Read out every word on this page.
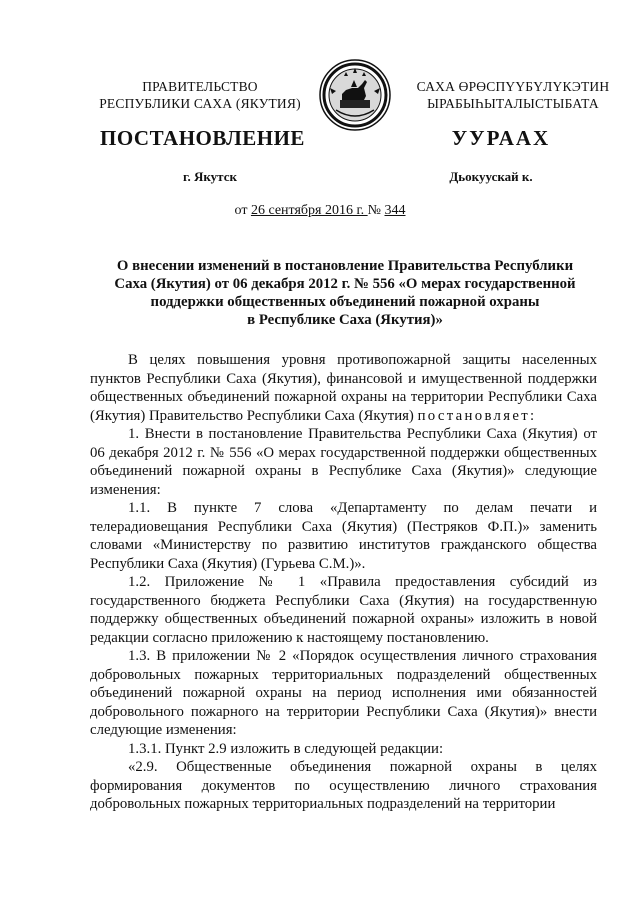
ПРАВИТЕЛЬСТВО
РЕСПУБЛИКИ САХА (ЯКУТИЯ)
САХА ӨРӨСПҮҮБҮЛҮКЭТИН
ЫРАБЫҺЫТАЛЫСТЫБАТА
ПОСТАНОВЛЕНИЕ	УУРААХ
г. Якутск	Дьокуускай к.
от 26 сентября 2016 г. № 344
О внесении изменений в постановление Правительства Республики
Саха (Якутия) от 06 декабря 2012 г. № 556 «О мерах государственной
поддержки общественных объединений пожарной охраны
в Республике Саха (Якутия)»

В целях повышения уровня противопожарной защиты населенных пунктов Республики Саха (Якутия), финансовой и имущественной поддержки общественных объединений пожарной охраны на территории Республики Саха (Якутия) Правительство Республики Саха (Якутия) постановляет:

1. Внести в постановление Правительства Республики Саха (Якутия) от 06 декабря 2012 г. № 556 «О мерах государственной поддержки общественных объединений пожарной охраны в Республике Саха (Якутия)» следующие изменения:

1.1. В пункте 7 слова «Департаменту по делам печати и телерадиовещания Республики Саха (Якутия) (Пестряков Ф.П.)» заменить словами «Министерству по развитию институтов гражданского общества Республики Саха (Якутия) (Гурьева С.М.)».

1.2. Приложение № 1 «Правила предоставления субсидий из государственного бюджета Республики Саха (Якутия) на государственную поддержку общественных объединений пожарной охраны» изложить в новой редакции согласно приложению к настоящему постановлению.

1.3. В приложении № 2 «Порядок осуществления личного страхования добровольных пожарных территориальных подразделений общественных объединений пожарной охраны на период исполнения ими обязанностей добровольного пожарного на территории Республики Саха (Якутия)» внести следующие изменения:

1.3.1. Пункт 2.9 изложить в следующей редакции:

«2.9. Общественные объединения пожарной охраны в целях формирования документов по осуществлению личного страхования добровольных пожарных территориальных подразделений на территории
